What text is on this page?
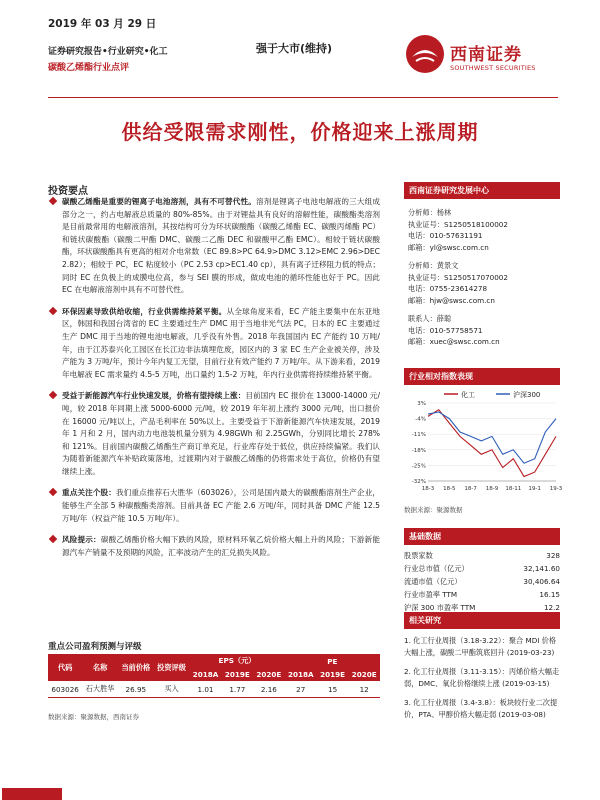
2019 年 03 月 29 日
证券研究报告•行业研究•化工
碳酸乙烯酯行业点评
强于大市(维持)	西南证券
SOUTHWEST SECURITIES
供给受限需求刚性，价格迎来上涨周期
投资要点
碳酸乙烯酯是重要的锂离子电池溶剂，具有不可替代性。溶剂是锂离子电池电解液的三大组成部分之一，约占电解液总质量的 80%-85%。由于对锂盐具有良好的溶解性能，碳酸酯类溶剂是目前最常用的电解液溶剂，其按结构可分为环状碳酸酯（碳酸乙烯酯 EC、碳酸丙烯酯 PC）和链状碳酸酯（碳酸二甲酯 DMC、碳酸二乙酯 DEC 和碳酸甲乙酯 EMC）。相较于链状碳酸酯，环状碳酸酯具有更高的相对介电常数（EC 89.8>PC 64.9>DMC 3.12>EMC 2.96>DEC 2.82）；相较于 PC，EC 粘度较小（PC 2.53 cp>EC1.40 cp），具有离子迁移阻力低的特点；同时 EC 在负极上的成膜电位高，参与 SEI 膜的形成，做成电池的循环性能也好于 PC。因此 EC 在电解液溶剂中具有不可替代性。
环保因素导致供给收缩，行业供需维持紧平衡。从全球角度来看，EC 产能主要集中在东亚地区，韩国和我国台湾省的 EC 主要通过生产 DMC 用于当地非光气法 PC，日本的 EC 主要通过生产 DMC 用于当地的锂电池电解液，几乎没有外售。2018 年我国国内 EC 产能约 10 万吨/年，由于江苏泰兴化工园区在长江边非法填埋危废，园区内的 3 家 EC 生产企业被关停，涉及产能为 3 万吨/年，预计今年内复工无望，目前行业有效产能约 7 万吨/年。从下游来看，2019 年电解液 EC 需求量约 4.5-5 万吨，出口量约 1.5-2 万吨，年内行业供需将持续维持紧平衡。
受益于新能源汽车行业快速发展，价格有望持续上涨：目前国内 EC 报价在 13000-14000 元/吨，较 2018 年同期上涨 5000-6000 元/吨，较 2019 年年初上涨约 3000 元/吨，出口报价在 16000 元/吨以上，产品毛利率在 50%以上。主要受益于下游新能源汽车快速发展，2019 年 1 月和 2 月，国内动力电池装机量分别为 4.98GWh 和 2.25GWh，分别同比增长 278%和 121%。目前国内碳酸乙烯酯生产商订单充足，行业库存处于低位，供应持续偏紧。我们认为随着新能源汽车补贴政策落地，过渡期内对于碳酸乙烯酯的仍将需求处于高位，价格仍有望继续上涨。
重点关注个股：我们重点推荐石大胜华（603026），公司是国内最大的碳酸酯溶剂生产企业，能够生产全部 5 种碳酸酯类溶剂。目前具备 EC 产能 2.6 万吨/年，同时具备 DMC 产能 12.5 万吨/年（权益产能 10.5 万吨/年）。
风险提示：碳酸乙烯酯价格大幅下跌的风险，原材料环氧乙烷价格大幅上升的风险；下游新能源汽车产销量不及预期的风险，汇率波动产生的汇兑损失风险。
西南证券研究发展中心
分析师：杨林
执业证号：S1250518100002
电话：010-57631191
邮箱：yl@swsc.com.cn
分析师：黄景文
执业证号：S1250517070002
电话：0755-23614278
邮箱：hjw@swsc.com.cn
联系人：薛聪
电话：010-57758571
邮箱：xuec@swsc.com.cn
行业相对指数表现
化工	沪深300
3%
-4%
-11%
-18%
-25%
-32%
18-3 18-5 18-7 18-9 18-11 19-1 19-3
数据来源：聚源数据
基础数据
股票家数	328
行业总市值（亿元）	32,141.60
流通市值（亿元）	30,406.64
行业市盈率 TTM	16.15
沪深 300 市盈率 TTM	12.2
相关研究
1. 化工行业周报（3.18-3.22）：聚合 MDI 价格大幅上涨，碳酸二甲酯筑底回升 (2019-03-23)
2. 化工行业周报（3.11-3.15）：丙烯价格大幅走弱，DMC、氧化价格继续上涨 (2019-03-15)
3. 化工行业周报（3.4-3.8）：板块较行业二次提价，PTA、甲醇价格大幅走弱 (2019-03-08)
重点公司盈利预测与评级
代码	名称	当前价格	投资评级	EPS（元）			PE		
				2018A	2019E	2020E	2018A	2019E	2020E
603026	石大胜华	26.95	买入	1.01	1.77	2.16	27	15	12
数据来源：聚源数据，西南证券
